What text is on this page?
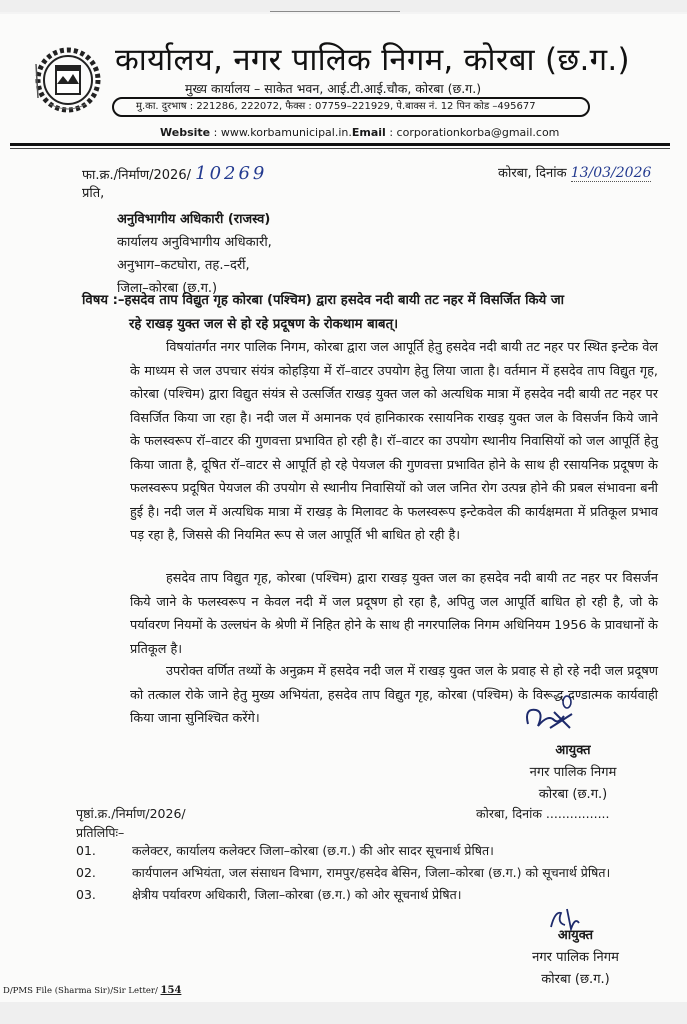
कार्यालय, नगर पालिक निगम, कोरबा (छ.ग.)
मुख्य कार्यालय – साकेत भवन, आई.टी.आई.चौक, कोरबा (छ.ग.)
मु.का. दुरभाष : 221286, 222072, फैक्स : 07759–221929, पे.बाक्स नं. 12 पिन कोड –495677
Website : www.korbamunicipal.in.Email : corporationkorba@gmail.com
फा.क्र./निर्माण/2026/ 10269	कोरबा, दिनांक 13/03/2026
प्रति,
अनुविभागीय अधिकारी (राजस्व)
कार्यालय अनुविभागीय अधिकारी,
अनुभाग–कटघोरा, तह.–दर्री,
जिला–कोरबा (छ.ग.)
विषय :–हसदेव ताप विद्युत गृह कोरबा (पश्चिम) द्वारा हसदेव नदी बायी तट नहर में विसर्जित किये जा
रहे राखड़ युक्त जल से हो रहे प्रदूषण के रोकथाम बाबत्।
विषयांतर्गत नगर पालिक निगम, कोरबा द्वारा जल आपूर्ति हेतु हसदेव नदी बायी तट नहर पर स्थित इन्टेक वेल के माध्यम से जल उपचार संयंत्र कोहड़िया में रॉ–वाटर उपयोग हेतु लिया जाता है। वर्तमान में हसदेव ताप विद्युत गृह, कोरबा (पश्चिम) द्वारा विद्युत संयंत्र से उत्सर्जित राखड़ युक्त जल को अत्यधिक मात्रा में हसदेव नदी बायी तट नहर पर विसर्जित किया जा रहा है। नदी जल में अमानक एवं हानिकारक रसायनिक राखड़ युक्त जल के विसर्जन किये जाने के फलस्वरूप रॉ–वाटर की गुणवत्ता प्रभावित हो रही है। रॉ–वाटर का उपयोग स्थानीय निवासियों को जल आपूर्ति हेतु किया जाता है, दूषित रॉ–वाटर से आपूर्ति हो रहे पेयजल की गुणवत्ता प्रभावित होने के साथ ही रसायनिक प्रदूषण के फलस्वरूप प्रदूषित पेयजल की उपयोग से स्थानीय निवासियों को जल जनित रोग उत्पन्न होने की प्रबल संभावना बनी हुई है। नदी जल में अत्यधिक मात्रा में राखड़ के मिलावट के फलस्वरूप इन्टेकवेल की कार्यक्षमता में प्रतिकूल प्रभाव पड़ रहा है, जिससे की नियमित रूप से जल आपूर्ति भी बाधित हो रही है।
हसदेव ताप विद्युत गृह, कोरबा (पश्चिम) द्वारा राखड़ युक्त जल का हसदेव नदी बायी तट नहर पर विसर्जन किये जाने के फलस्वरूप न केवल नदी में जल प्रदूषण हो रहा है, अपितु जल आपूर्ति बाधित हो रही है, जो के पर्यावरण नियमों के उल्लघंन के श्रेणी में निहित होने के साथ ही नगरपालिक निगम अधिनियम 1956 के प्रावधानों के प्रतिकूल है।
उपरोक्त वर्णित तथ्यों के अनुक्रम में हसदेव नदी जल में राखड़ युक्त जल के प्रवाह से हो रहे नदी जल प्रदूषण को तत्काल रोके जाने हेतु मुख्य अभियंता, हसदेव ताप विद्युत गृह, कोरबा (पश्चिम) के विरूद्ध दण्डात्मक कार्यवाही किया जाना सुनिश्चित करेंगे।
आयुक्त
नगर पालिक निगम
कोरबा (छ.ग.)
पृष्ठां.क्र./निर्माण/2026/	कोरबा, दिनांक ................
प्रतिलिपिः–
01.	कलेक्टर, कार्यालय कलेक्टर जिला–कोरबा (छ.ग.) की ओर सादर सूचनार्थ प्रेषित।
02.	कार्यपालन अभियंता, जल संसाधन विभाग, रामपुर/हसदेव बेसिन, जिला–कोरबा (छ.ग.) को सूचनार्थ प्रेषित।
03.	क्षेत्रीय पर्यावरण अधिकारी, जिला–कोरबा (छ.ग.) को ओर सूचनार्थ प्रेषित।
आयुक्त
नगर पालिक निगम
कोरबा (छ.ग.)
D/PMS File (Sharma Sir)/Sir Letter/ 154
